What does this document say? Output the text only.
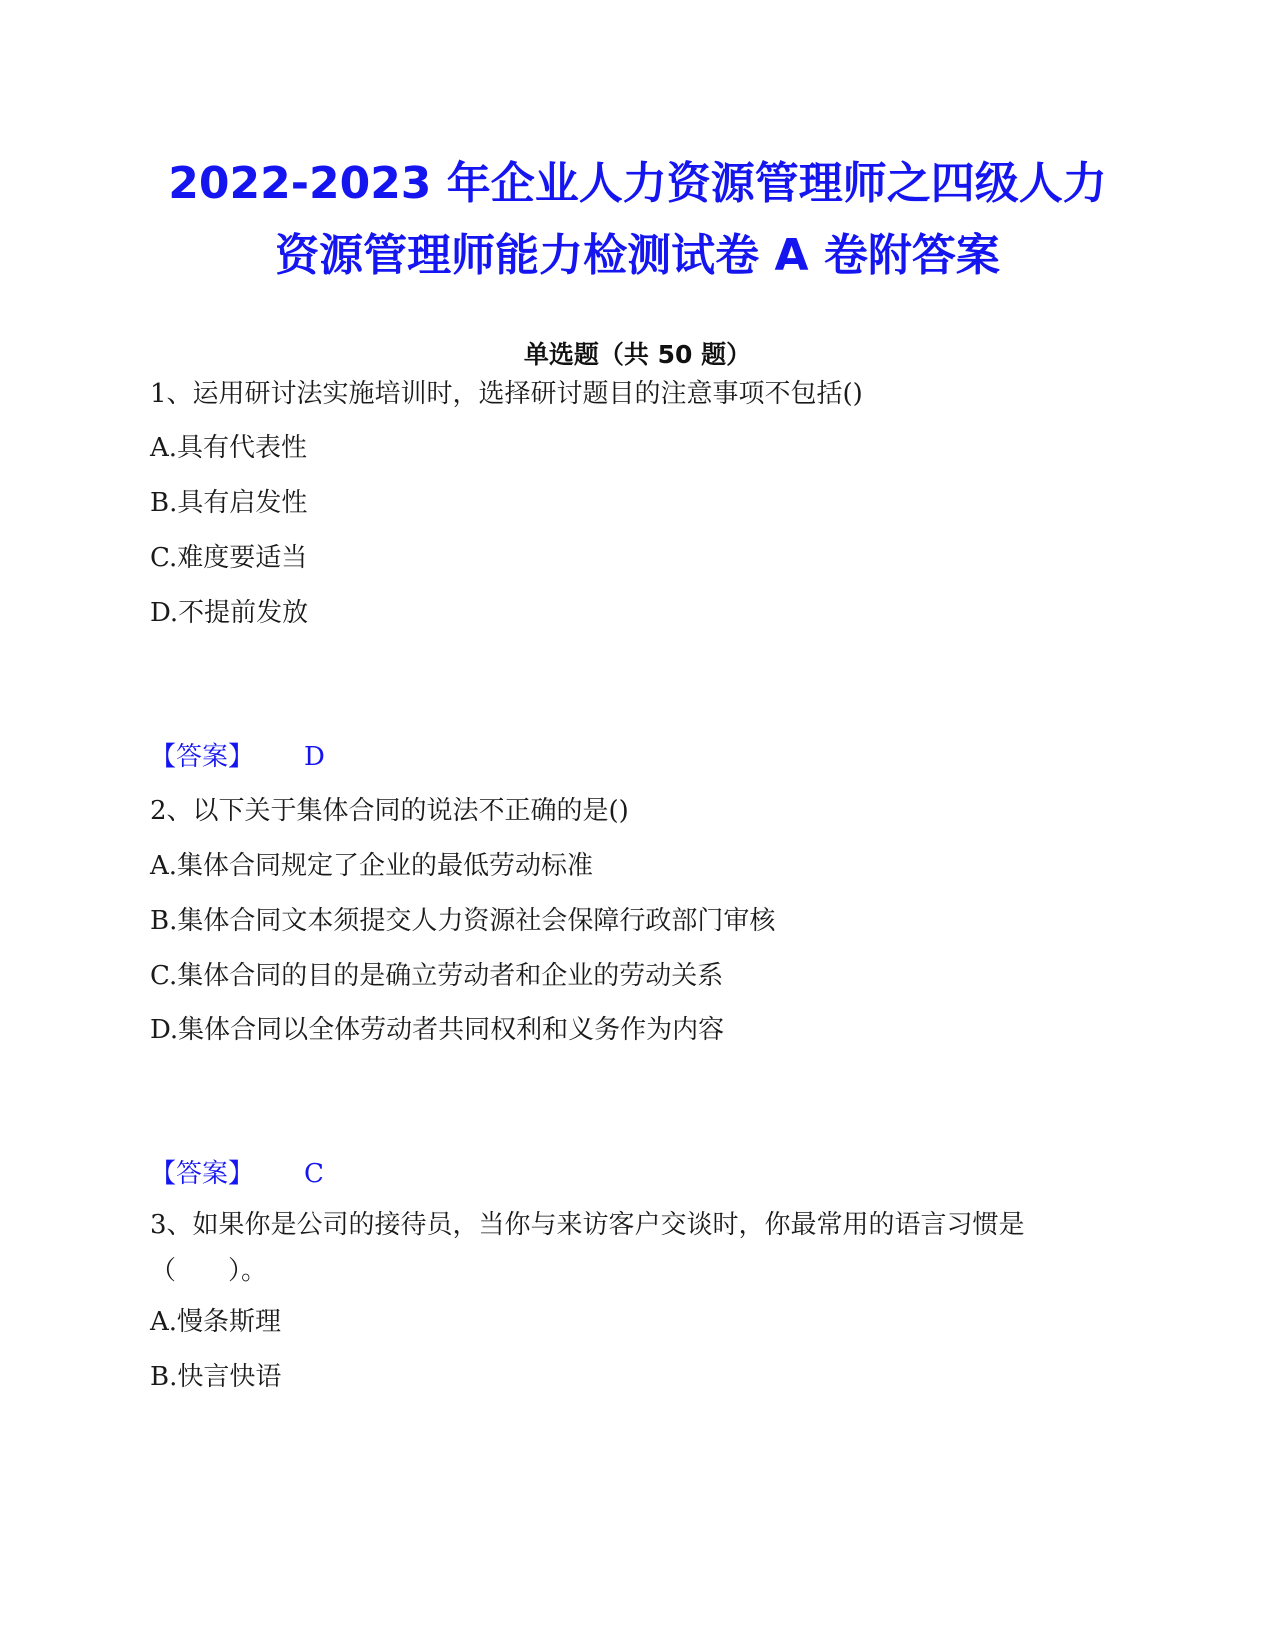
2022-2023 年企业人力资源管理师之四级人力资源管理师能力检测试卷 A 卷附答案
单选题（共 50 题）
1、运用研讨法实施培训时，选择研讨题目的注意事项不包括()
A.具有代表性
B.具有启发性
C.难度要适当
D.不提前发放
【答案】 D
2、以下关于集体合同的说法不正确的是()
A.集体合同规定了企业的最低劳动标准
B.集体合同文本须提交人力资源社会保障行政部门审核
C.集体合同的目的是确立劳动者和企业的劳动关系
D.集体合同以全体劳动者共同权利和义务作为内容
【答案】 C
3、如果你是公司的接待员，当你与来访客户交谈时，你最常用的语言习惯是（　　）。
A.慢条斯理
B.快言快语
